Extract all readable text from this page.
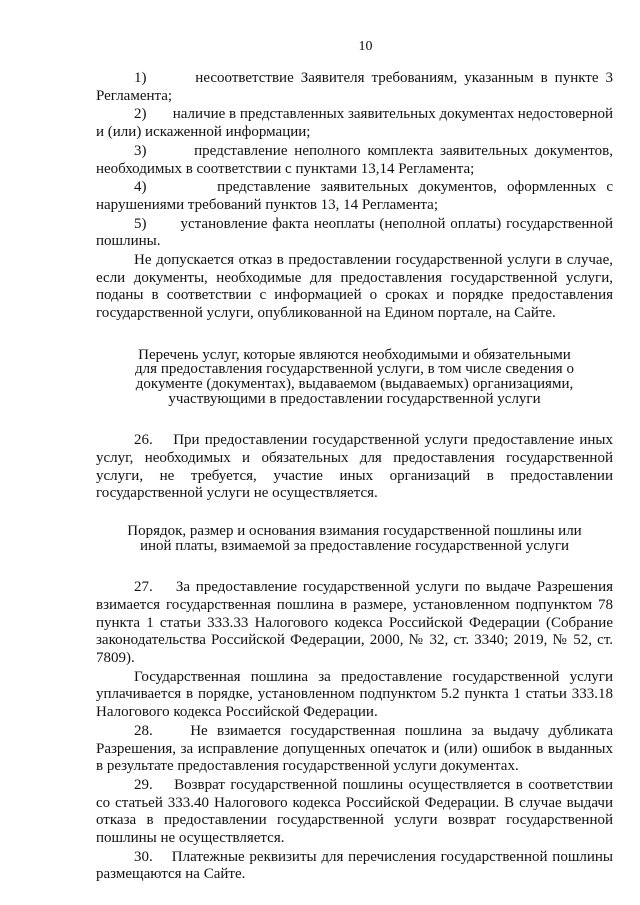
10

1)       несоответствие Заявителя требованиям, указанным в пункте 3 Регламента;

2)       наличие в представленных заявительных документах недостоверной и (или) искаженной информации;

3)       представление неполного комплекта заявительных документов, необходимых в соответствии с пунктами 13,14 Регламента;

4)       представление заявительных документов, оформленных с нарушениями требований пунктов 13, 14 Регламента;

5)       установление факта неоплаты (неполной оплаты) государственной пошлины.

Не допускается отказ в предоставлении государственной услуги в случае, если документы, необходимые для предоставления государственной услуги, поданы в соответствии с информацией о сроках и порядке предоставления государственной услуги, опубликованной на Едином портале, на Сайте.

Перечень услуг, которые являются необходимыми и обязательными для предоставления государственной услуги, в том числе сведения о документе (документах), выдаваемом (выдаваемых) организациями, участвующими в предоставлении государственной услуги

26.    При предоставлении государственной услуги предоставление иных услуг, необходимых и обязательных для предоставления государственной услуги, не требуется, участие иных организаций в предоставлении государственной услуги не осуществляется.

Порядок, размер и основания взимания государственной пошлины или иной платы, взимаемой за предоставление государственной услуги

27.    За предоставление государственной услуги по выдаче Разрешения взимается государственная пошлина в размере, установленном подпунктом 78 пункта 1 статьи 333.33 Налогового кодекса Российской Федерации (Собрание законодательства Российской Федерации, 2000, № 32, ст. 3340; 2019, № 52, ст. 7809).

Государственная пошлина за предоставление государственной услуги уплачивается в порядке, установленном подпунктом 5.2 пункта 1 статьи 333.18 Налогового кодекса Российской Федерации.

28.    Не взимается государственная пошлина за выдачу дубликата Разрешения, за исправление допущенных опечаток и (или) ошибок в выданных в результате предоставления государственной услуги документах.

29.    Возврат государственной пошлины осуществляется в соответствии со статьей 333.40 Налогового кодекса Российской Федерации. В случае выдачи отказа в предоставлении государственной услуги возврат государственной пошлины не осуществляется.

30.    Платежные реквизиты для перечисления государственной пошлины размещаются на Сайте.
